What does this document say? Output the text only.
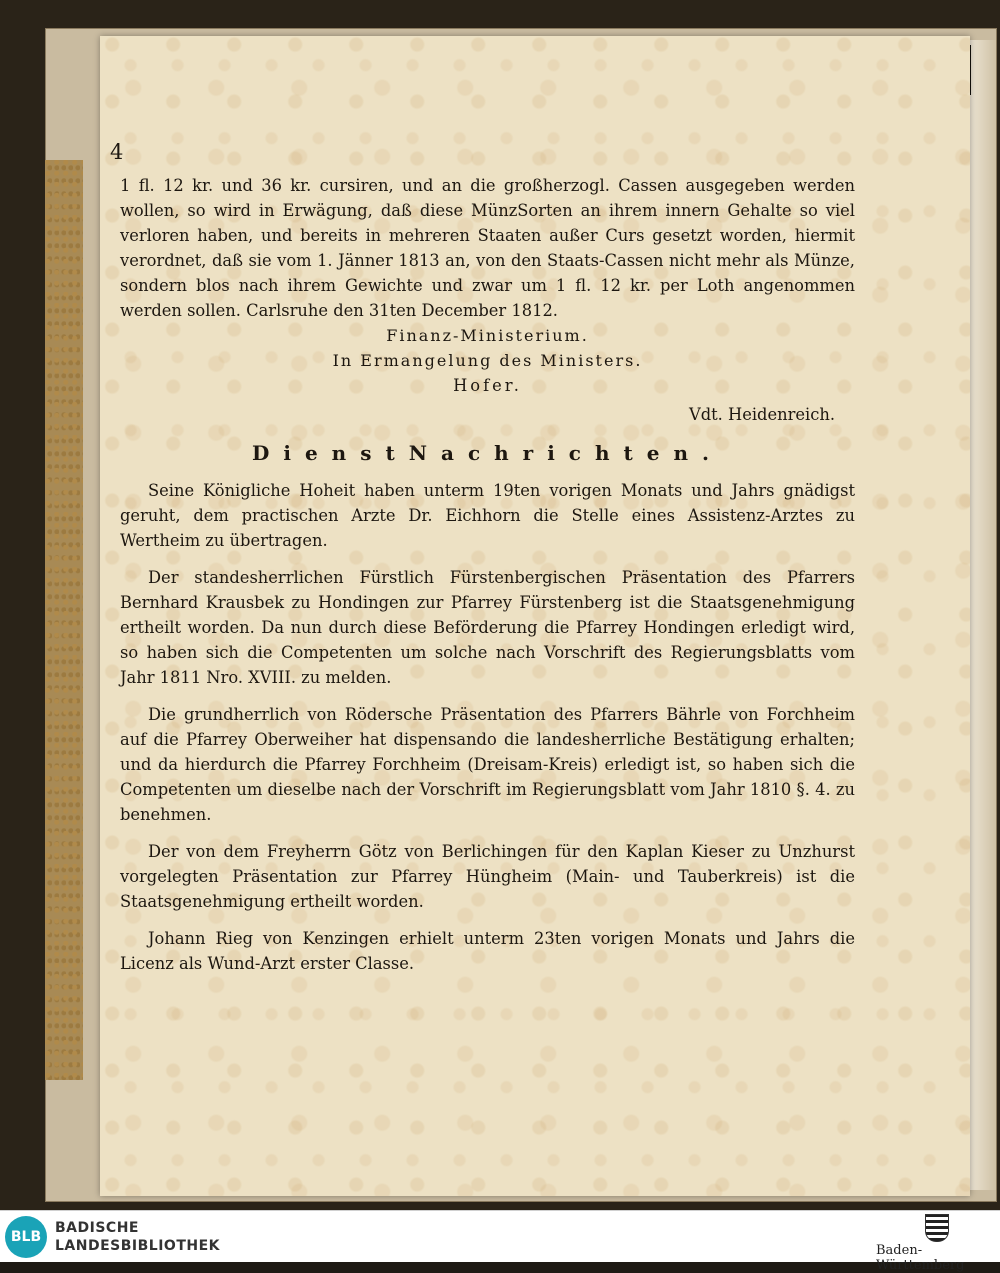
4

1 fl. 12 kr. und 36 kr. cursiren, und an die großherzogl. Cassen ausgegeben werden wollen, so wird in Erwägung, daß diese MünzSorten an ihrem innern Gehalte so viel verloren haben, und bereits in mehreren Staaten außer Curs gesetzt worden, hiermit verordnet, daß sie vom 1. Jänner 1813 an, von den Staats-Cassen nicht mehr als Münze, sondern blos nach ihrem Gewichte und zwar um 1 fl. 12 kr. per Loth angenommen werden sollen. Carlsruhe den 31ten December 1812.

Finanz-Ministerium.

In Ermangelung des Ministers.

Hofer.

Vdt. Heidenreich.

DienstNachrichten.

Seine Königliche Hoheit haben unterm 19ten vorigen Monats und Jahrs gnädigst geruht, dem practischen Arzte Dr. Eichhorn die Stelle eines Assistenz-Arztes zu Wertheim zu übertragen.

Der standesherrlichen Fürstlich Fürstenbergischen Präsentation des Pfarrers Bernhard Krausbek zu Hondingen zur Pfarrey Fürstenberg ist die Staatsgenehmigung ertheilt worden. Da nun durch diese Beförderung die Pfarrey Hondingen erledigt wird, so haben sich die Competenten um solche nach Vorschrift des Regierungsblatts vom Jahr 1811 Nro. XVIII. zu melden.

Die grundherrlich von Rödersche Präsentation des Pfarrers Bährle von Forchheim auf die Pfarrey Oberweiher hat dispensando die landesherrliche Bestätigung erhalten; und da hierdurch die Pfarrey Forchheim (Dreisam-Kreis) erledigt ist, so haben sich die Competenten um dieselbe nach der Vorschrift im Regierungsblatt vom Jahr 1810 §. 4. zu benehmen.

Der von dem Freyherrn Götz von Berlichingen für den Kaplan Kieser zu Unzhurst vorgelegten Präsentation zur Pfarrey Hüngheim (Main- und Tauberkreis) ist die Staatsgenehmigung ertheilt worden.

Johann Rieg von Kenzingen erhielt unterm 23ten vorigen Monats und Jahrs die Licenz als Wund-Arzt erster Classe.

BLB
BADISCHE
LANDESBIBLIOTHEK	Baden-Württemberg
